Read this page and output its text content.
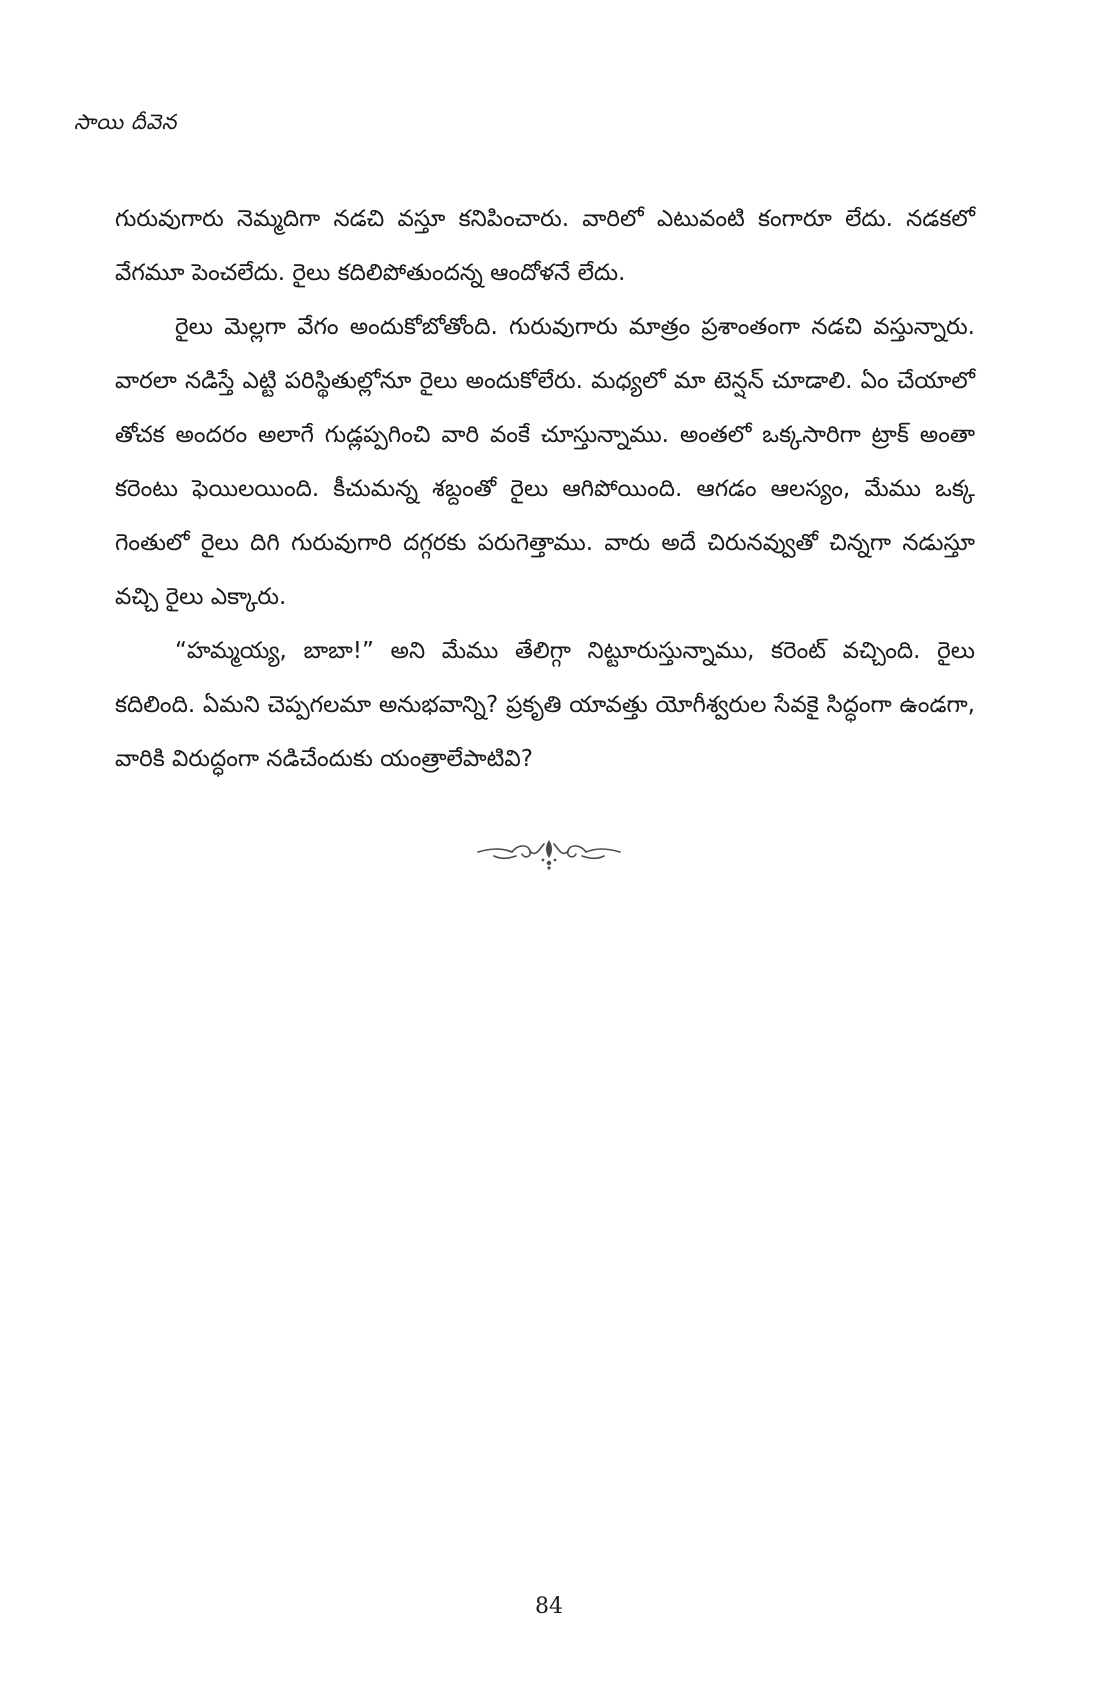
సాయి దీవెన

గురువుగారు నెమ్మదిగా నడచి వస్తూ కనిపించారు. వారిలో ఎటువంటి కంగారూ లేదు. నడకలో వేగమూ పెంచలేదు. రైలు కదిలిపోతుందన్న ఆందోళనే లేదు.

రైలు మెల్లగా వేగం అందుకోబోతోంది. గురువుగారు మాత్రం ప్రశాంతంగా నడచి వస్తున్నారు. వారలా నడిస్తే ఎట్టి పరిస్థితుల్లోనూ రైలు అందుకోలేరు. మధ్యలో మా టెన్షన్ చూడాలి. ఏం చేయాలో తోచక అందరం అలాగే గుడ్లప్పగించి వారి వంకే చూస్తున్నాము. అంతలో ఒక్కసారిగా ట్రాక్ అంతా కరెంటు ఫెయిలయింది. కీచుమన్న శబ్దంతో రైలు ఆగిపోయింది. ఆగడం ఆలస్యం, మేము ఒక్క గెంతులో రైలు దిగి గురువుగారి దగ్గరకు పరుగెత్తాము. వారు అదే చిరునవ్వుతో చిన్నగా నడుస్తూ వచ్చి రైలు ఎక్కారు.

“హమ్మయ్య, బాబా!” అని మేము తేలిగ్గా నిట్టూరుస్తున్నాము, కరెంట్ వచ్చింది. రైలు కదిలింది. ఏమని చెప్పగలమా అనుభవాన్ని? ప్రకృతి యావత్తు యోగీశ్వరుల సేవకై సిద్ధంగా ఉండగా, వారికి విరుద్ధంగా నడిచేందుకు యంత్రాలేపాటివి?

84
